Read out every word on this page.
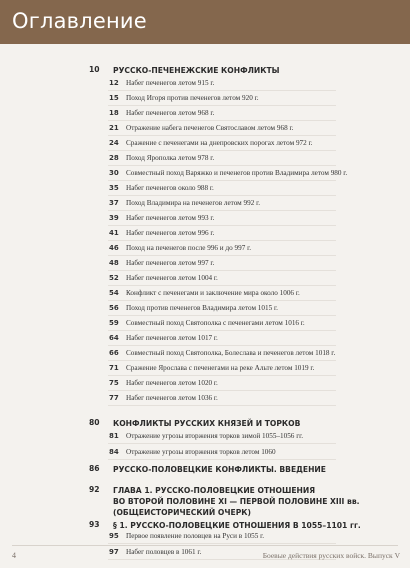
Оглавление
10	РУССКО-ПЕЧЕНЕЖСКИЕ КОНФЛИКТЫ
12	Набег печенегов летом 915 г.
15	Поход Игоря против печенегов летом 920 г.
18	Набег печенегов летом 968 г.
21	Отражение набега печенегов Святославом летом 968 г.
24	Сражение с печенегами на днепровских порогах летом 972 г.
28	Поход Ярополка летом 978 г.
30	Совместный поход Варяжко и печенегов против Владимира летом 980 г.
35	Набег печенегов около 988 г.
37	Поход Владимира на печенегов летом 992 г.
39	Набег печенегов летом 993 г.
41	Набег печенегов летом 996 г.
46	Поход на печенегов после 996 и до 997 г.
48	Набег печенегов летом 997 г.
52	Набег печенегов летом 1004 г.
54	Конфликт с печенегами и заключение мира около 1006 г.
56	Поход против печенегов Владимира летом 1015 г.
59	Совместный поход Святополка с печенегами летом 1016 г.
64	Набег печенегов летом 1017 г.
66	Совместный поход Святополка, Болеслава и печенегов летом 1018 г.
71	Сражение Ярослава с печенегами на реке Альте летом 1019 г.
75	Набег печенегов летом 1020 г.
77	Набег печенегов летом 1036 г.
80	КОНФЛИКТЫ РУССКИХ КНЯЗЕЙ И ТОРКОВ
81	Отражение угрозы вторжения торков зимой 1055–1056 гг.
84	Отражение угрозы вторжения торков летом 1060
86	РУССКО-ПОЛОВЕЦКИЕ КОНФЛИКТЫ. ВВЕДЕНИЕ
92	ГЛАВА 1. РУССКО-ПОЛОВЕЦКИЕ ОТНОШЕНИЯ
ВО ВТОРОЙ ПОЛОВИНЕ XI — ПЕРВОЙ ПОЛОВИНЕ XIII вв.
(ОБЩЕИСТОРИЧЕСКИЙ ОЧЕРК)
93	§ 1. РУССКО-ПОЛОВЕЦКИЕ ОТНОШЕНИЯ В 1055–1101 гг.
95	Первое появление половцев на Руси в 1055 г.
97	Набег половцев в 1061 г.
4	Боевые действия русских войск. Выпуск V
